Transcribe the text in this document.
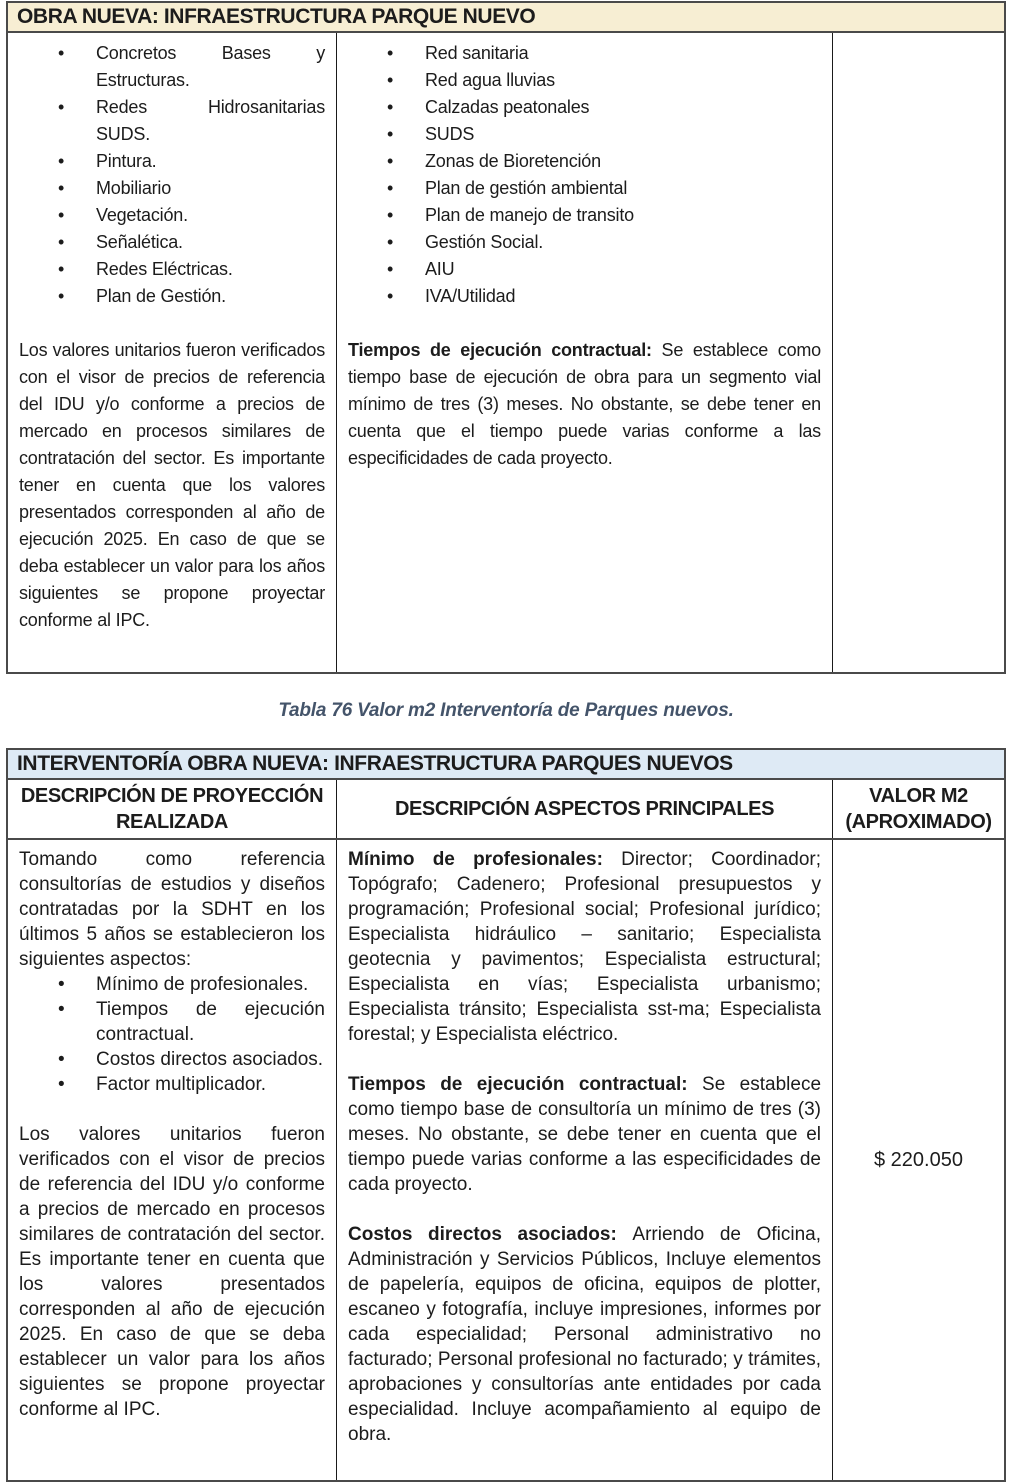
OBRA NUEVA: INFRAESTRUCTURA PARQUE NUEVO
• Concretos Bases y Estructuras.
• Redes Hidrosanitarias SUDS.
• Pintura.
• Mobiliario
• Vegetación.
• Señalética.
• Redes Eléctricas.
• Plan de Gestión.

Los valores unitarios fueron verificados con el visor de precios de referencia del IDU y/o conforme a precios de mercado en procesos similares de contratación del sector. Es importante tener en cuenta que los valores presentados corresponden al año de ejecución 2025. En caso de que se deba establecer un valor para los años siguientes se propone proyectar conforme al IPC.

• Red sanitaria
• Red agua lluvias
• Calzadas peatonales
• SUDS
• Zonas de Bioretención
• Plan de gestión ambiental
• Plan de manejo de transito
• Gestión Social.
• AIU
• IVA/Utilidad

Tiempos de ejecución contractual: Se establece como tiempo base de ejecución de obra para un segmento vial mínimo de tres (3) meses. No obstante, se debe tener en cuenta que el tiempo puede varias conforme a las especificidades de cada proyecto.

Tabla 76 Valor m2 Interventoría de Parques nuevos.
INTERVENTORÍA OBRA NUEVA: INFRAESTRUCTURA PARQUES NUEVOS
DESCRIPCIÓN DE PROYECCIÓN REALIZADA
DESCRIPCIÓN ASPECTOS PRINCIPALES
VALOR M2 (APROXIMADO)

Tomando como referencia consultorías de estudios y diseños contratadas por la SDHT en los últimos 5 años se establecieron los siguientes aspectos:

• Mínimo de profesionales.
• Tiempos de ejecución contractual.
• Costos directos asociados.
• Factor multiplicador.

Los valores unitarios fueron verificados con el visor de precios de referencia del IDU y/o conforme a precios de mercado en procesos similares de contratación del sector. Es importante tener en cuenta que los valores presentados corresponden al año de ejecución 2025. En caso de que se deba establecer un valor para los años siguientes se propone proyectar conforme al IPC.

Mínimo de profesionales: Director; Coordinador; Topógrafo; Cadenero; Profesional presupuestos y programación; Profesional social; Profesional jurídico; Especialista hidráulico – sanitario; Especialista geotecnia y pavimentos; Especialista estructural; Especialista en vías; Especialista urbanismo; Especialista tránsito; Especialista sst-ma; Especialista forestal; y Especialista eléctrico.

Tiempos de ejecución contractual: Se establece como tiempo base de consultoría un mínimo de tres (3) meses. No obstante, se debe tener en cuenta que el tiempo puede varias conforme a las especificidades de cada proyecto.

Costos directos asociados: Arriendo de Oficina, Administración y Servicios Públicos, Incluye elementos de papelería, equipos de oficina, equipos de plotter, escaneo y fotografía, incluye impresiones, informes por cada especialidad; Personal administrativo no facturado; Personal profesional no facturado; y trámites, aprobaciones y consultorías ante entidades por cada especialidad. Incluye acompañamiento al equipo de obra.

$ 220.050
